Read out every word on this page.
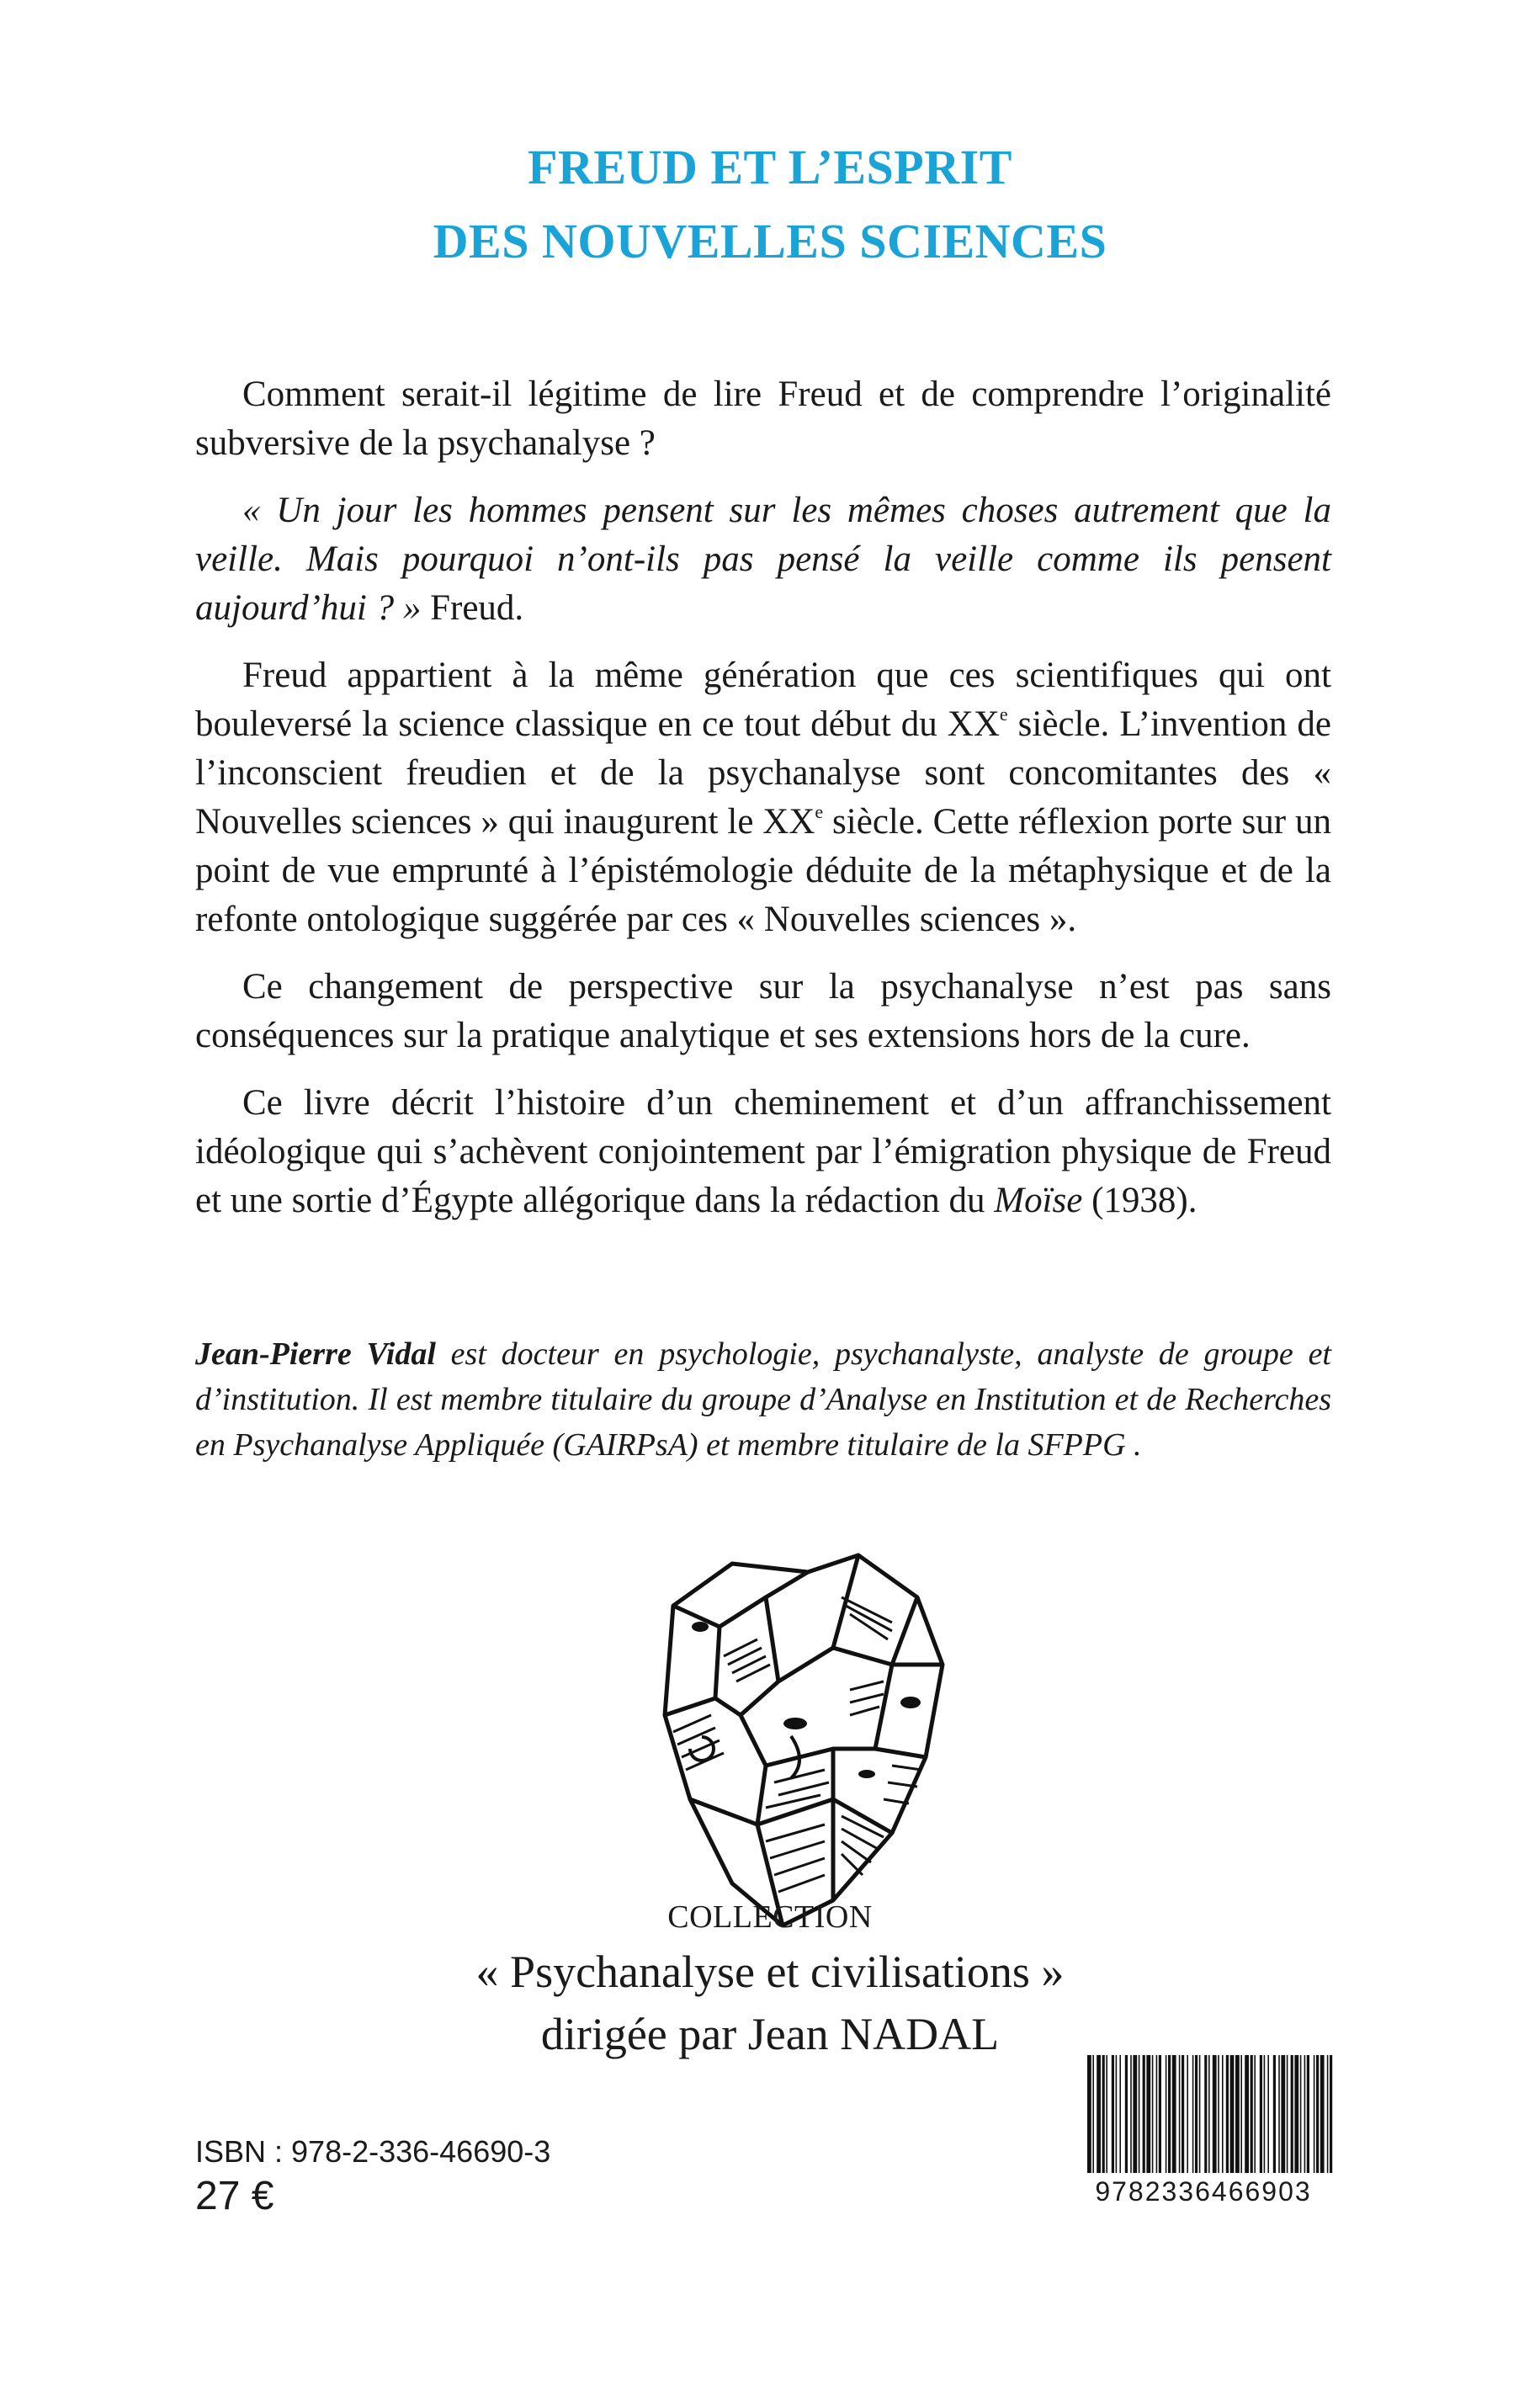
FREUD ET L’ESPRIT
DES NOUVELLES SCIENCES

Comment serait-il légitime de lire Freud et de comprendre l’originalité subversive de la psychanalyse ?

« Un jour les hommes pensent sur les mêmes choses autrement que la veille. Mais pourquoi n’ont-ils pas pensé la veille comme ils pensent aujourd’hui ? » Freud.

Freud appartient à la même génération que ces scientifiques qui ont bouleversé la science classique en ce tout début du XXe siècle. L’invention de l’inconscient freudien et de la psychanalyse sont concomitantes des « Nouvelles sciences » qui inaugurent le XXe siècle. Cette réflexion porte sur un point de vue emprunté à l’épistémologie déduite de la métaphysique et de la refonte ontologique suggérée par ces « Nouvelles sciences ».

Ce changement de perspective sur la psychanalyse n’est pas sans conséquences sur la pratique analytique et ses extensions hors de la cure.

Ce livre décrit l’histoire d’un cheminement et d’un affranchissement idéologique qui s’achèvent conjointement par l’émigration physique de Freud et une sortie d’Égypte allégorique dans la rédaction du Moïse (1938).

Jean-Pierre Vidal est docteur en psychologie, psychanalyste, analyste de groupe et d’institution. Il est membre titulaire du groupe d’Analyse en Institution et de Recherches en Psychanalyse Appliquée (GAIRPsA) et membre titulaire de la SFPPG .
COLLECTION
« Psychanalyse et civilisations »
dirigée par Jean NADAL
ISBN : 978-2-336-46690-3
27 €	9782336466903
